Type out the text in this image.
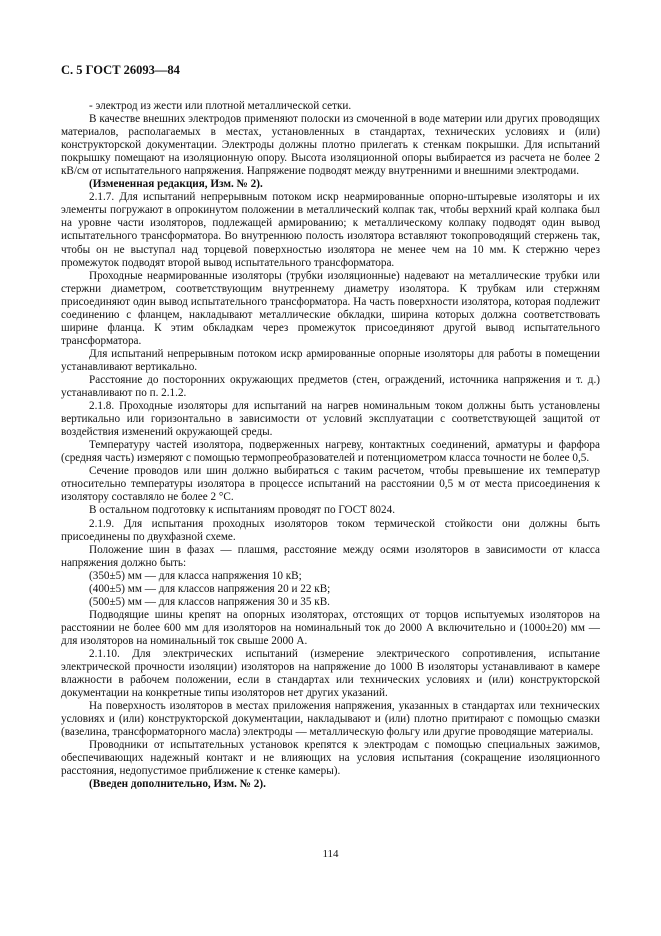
С. 5 ГОСТ 26093—84

- электрод из жести или плотной металлической сетки.

В качестве внешних электродов применяют полоски из смоченной в воде материи или других проводящих материалов, располагаемых в местах, установленных в стандартах, технических условиях и (или) конструкторской документации. Электроды должны плотно прилегать к стенкам покрышки. Для испытаний покрышку помещают на изоляционную опору. Высота изоляционной опоры выбирается из расчета не более 2 кВ/см от испытательного напряжения. Напряжение подводят между внутренними и внешними электродами.

(Измененная редакция, Изм. № 2).

2.1.7. Для испытаний непрерывным потоком искр неармированные опорно-штыревые изоляторы и их элементы погружают в опрокинутом положении в металлический колпак так, чтобы верхний край колпака был на уровне части изоляторов, подлежащей армированию; к металлическому колпаку подводят один вывод испытательного трансформатора. Во внутреннюю полость изолятора вставляют токопроводящий стержень так, чтобы он не выступал над торцевой поверхностью изолятора не менее чем на 10 мм. К стержню через промежуток подводят второй вывод испытательного трансформатора.

Проходные неармированные изоляторы (трубки изоляционные) надевают на металлические трубки или стержни диаметром, соответствующим внутреннему диаметру изолятора. К трубкам или стержням присоединяют один вывод испытательного трансформатора. На часть поверхности изолятора, которая подлежит соединению с фланцем, накладывают металлические обкладки, ширина которых должна соответствовать ширине фланца. К этим обкладкам через промежуток присоединяют другой вывод испытательного трансформатора.

Для испытаний непрерывным потоком искр армированные опорные изоляторы для работы в помещении устанавливают вертикально.

Расстояние до посторонних окружающих предметов (стен, ограждений, источника напряжения и т. д.) устанавливают по п. 2.1.2.

2.1.8. Проходные изоляторы для испытаний на нагрев номинальным током должны быть установлены вертикально или горизонтально в зависимости от условий эксплуатации с соответствующей защитой от воздействия изменений окружающей среды.

Температуру частей изолятора, подверженных нагреву, контактных соединений, арматуры и фарфора (средняя часть) измеряют с помощью термопреобразователей и потенциометром класса точности не более 0,5.

Сечение проводов или шин должно выбираться с таким расчетом, чтобы превышение их температур относительно температуры изолятора в процессе испытаний на расстоянии 0,5 м от места присоединения к изолятору составляло не более 2 °С.

В остальном подготовку к испытаниям проводят по ГОСТ 8024.

2.1.9. Для испытания проходных изоляторов током термической стойкости они должны быть присоединены по двухфазной схеме.

Положение шин в фазах — плашмя, расстояние между осями изоляторов в зависимости от класса напряжения должно быть:

(350±5) мм — для класса напряжения 10 кВ;

(400±5) мм — для классов напряжения 20 и 22 кВ;

(500±5) мм — для классов напряжения 30 и 35 кВ.

Подводящие шины крепят на опорных изоляторах, отстоящих от торцов испытуемых изоляторов на расстоянии не более 600 мм для изоляторов на номинальный ток до 2000 А включительно и (1000±20) мм — для изоляторов на номинальный ток свыше 2000 А.

2.1.10. Для электрических испытаний (измерение электрического сопротивления, испытание электрической прочности изоляции) изоляторов на напряжение до 1000 В изоляторы устанавливают в камере влажности в рабочем положении, если в стандартах или технических условиях и (или) конструкторской документации на конкретные типы изоляторов нет других указаний.

На поверхность изоляторов в местах приложения напряжения, указанных в стандартах или технических условиях и (или) конструкторской документации, накладывают и (или) плотно притирают с помощью смазки (вазелина, трансформаторного масла) электроды — металлическую фольгу или другие проводящие материалы.

Проводники от испытательных установок крепятся к электродам с помощью специальных зажимов, обеспечивающих надежный контакт и не влияющих на условия испытания (сокращение изоляционного расстояния, недопустимое приближение к стенке камеры).

(Введен дополнительно, Изм. № 2).

114
